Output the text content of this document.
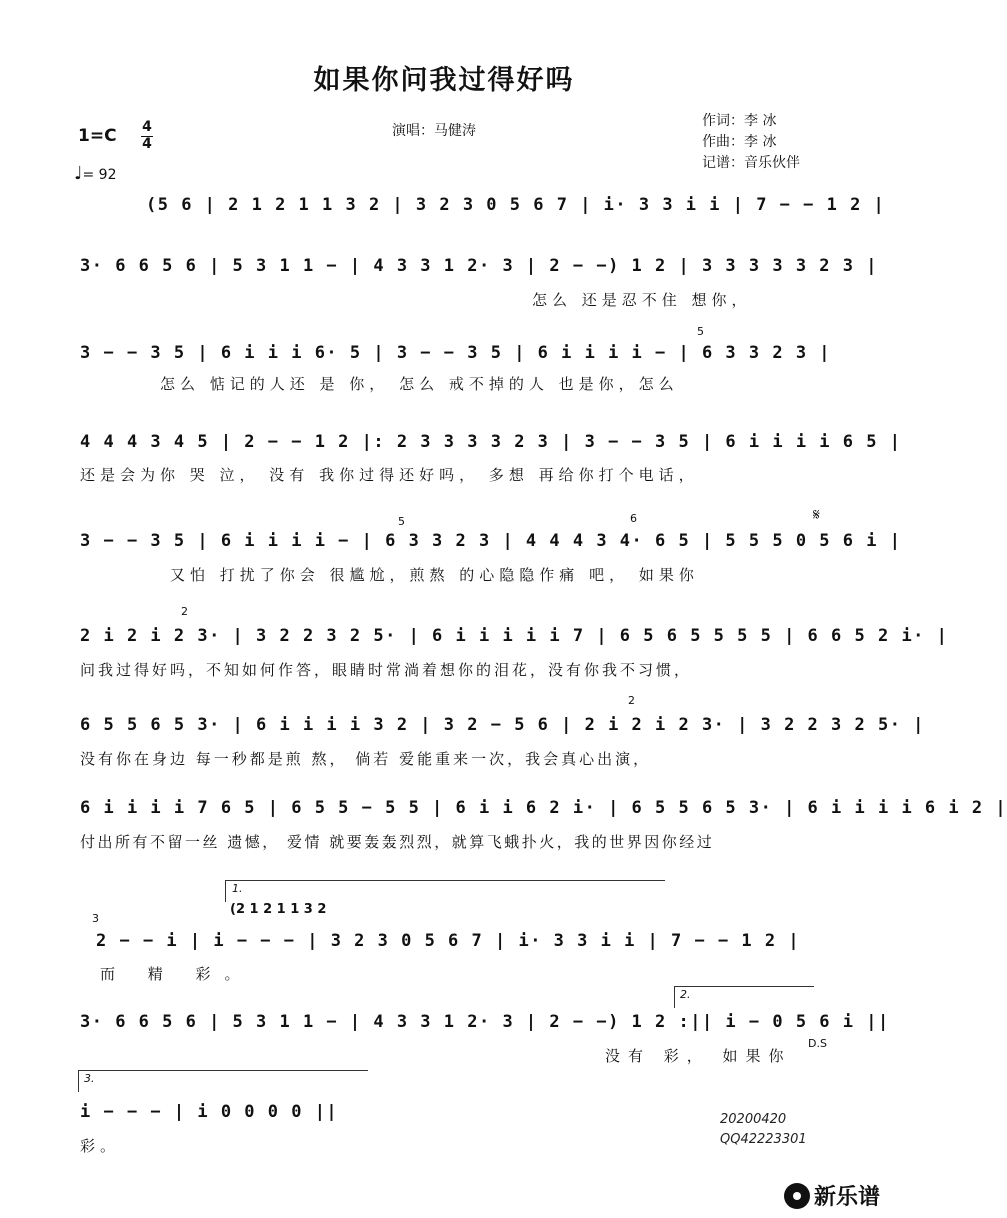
如果你问我过得好吗
演唱：马健涛
作词：李 冰
作曲：李 冰
记谱：音乐伙伴
1=C 4
4
♩= 92
(5 6 | 2 1 2 1 1 3 2 | 3 2 3 0 5 6 7 | i· 3 3 i i | 7 − − 1 2 |
𝄋
3· 6 6 5 6 | 5 3 1 1 − | 4 3 3 1 2· 3 | 2 − −) 1 2 | 3 3 3 3 3 2 3 |
怎么 还是忍不住 想你，
3 − − 3 5 | 6 i i i 6· 5 | 3 − − 3 5 | 6 i i i i − | 6 3 3 2 3 |
5
怎么 惦记的人还 是 你， 怎么 戒不掉的人 也是你，怎么
4 4 4 3 4 5 | 2 − − 1 2 |: 2 3 3 3 3 2 3 | 3 − − 3 5 | 6 i i i i 6 5 |
还是会为你 哭 泣， 没有 我你过得还好吗， 多想 再给你打个电话，
3 − − 3 5 | 6 i i i i − | 6 3 3 2 3 | 4 4 4 3 4· 6 5 | 5 5 5 0 5 6 i |
5	6
又怕 打扰了你会 很尴尬，煎熬 的心隐隐作痛 吧， 如果你
2 i 2 i 2 3· | 3 2 2 3 2 5· | 6 i i i i i 7 | 6 5 6 5 5 5 5 | 6 6 5 2 i· |
2
问我过得好吗，不知如何作答，眼睛时常淌着想你的泪花，没有你我不习惯，
6 5 5 6 5 3· | 6 i i i i 3 2 | 3 2 − 5 6 | 2 i 2 i 2 3· | 3 2 2 3 2 5· |
2
没有你在身边 每一秒都是煎 熬， 倘若 爱能重来一次，我会真心出演，
6 i i i i 7 6 5 | 6 5 5 − 5 5 | 6 i i 6 2 i· | 6 5 5 6 5 3· | 6 i i i i 6 i 2 |
付出所有不留一丝 遗憾， 爱情 就要轰轰烈烈，就算飞蛾扑火，我的世界因你经过
1.
(2 1 2 1 1 3 2
3
2 − − i | i − − − | 3 2 3 0 5 6 7 | i· 3 3 i i | 7 − − 1 2 |
而 精 彩。
3· 6 6 5 6 | 5 3 1 1 − | 4 3 3 1 2· 3 | 2 − −) 1 2 :|| i − 0 5 6 i ||
2.
没有 彩， 如果你
D.S
3.
i − − − | i 0 0 0 0 ||
彩。
20200420
QQ42223301
新乐谱
